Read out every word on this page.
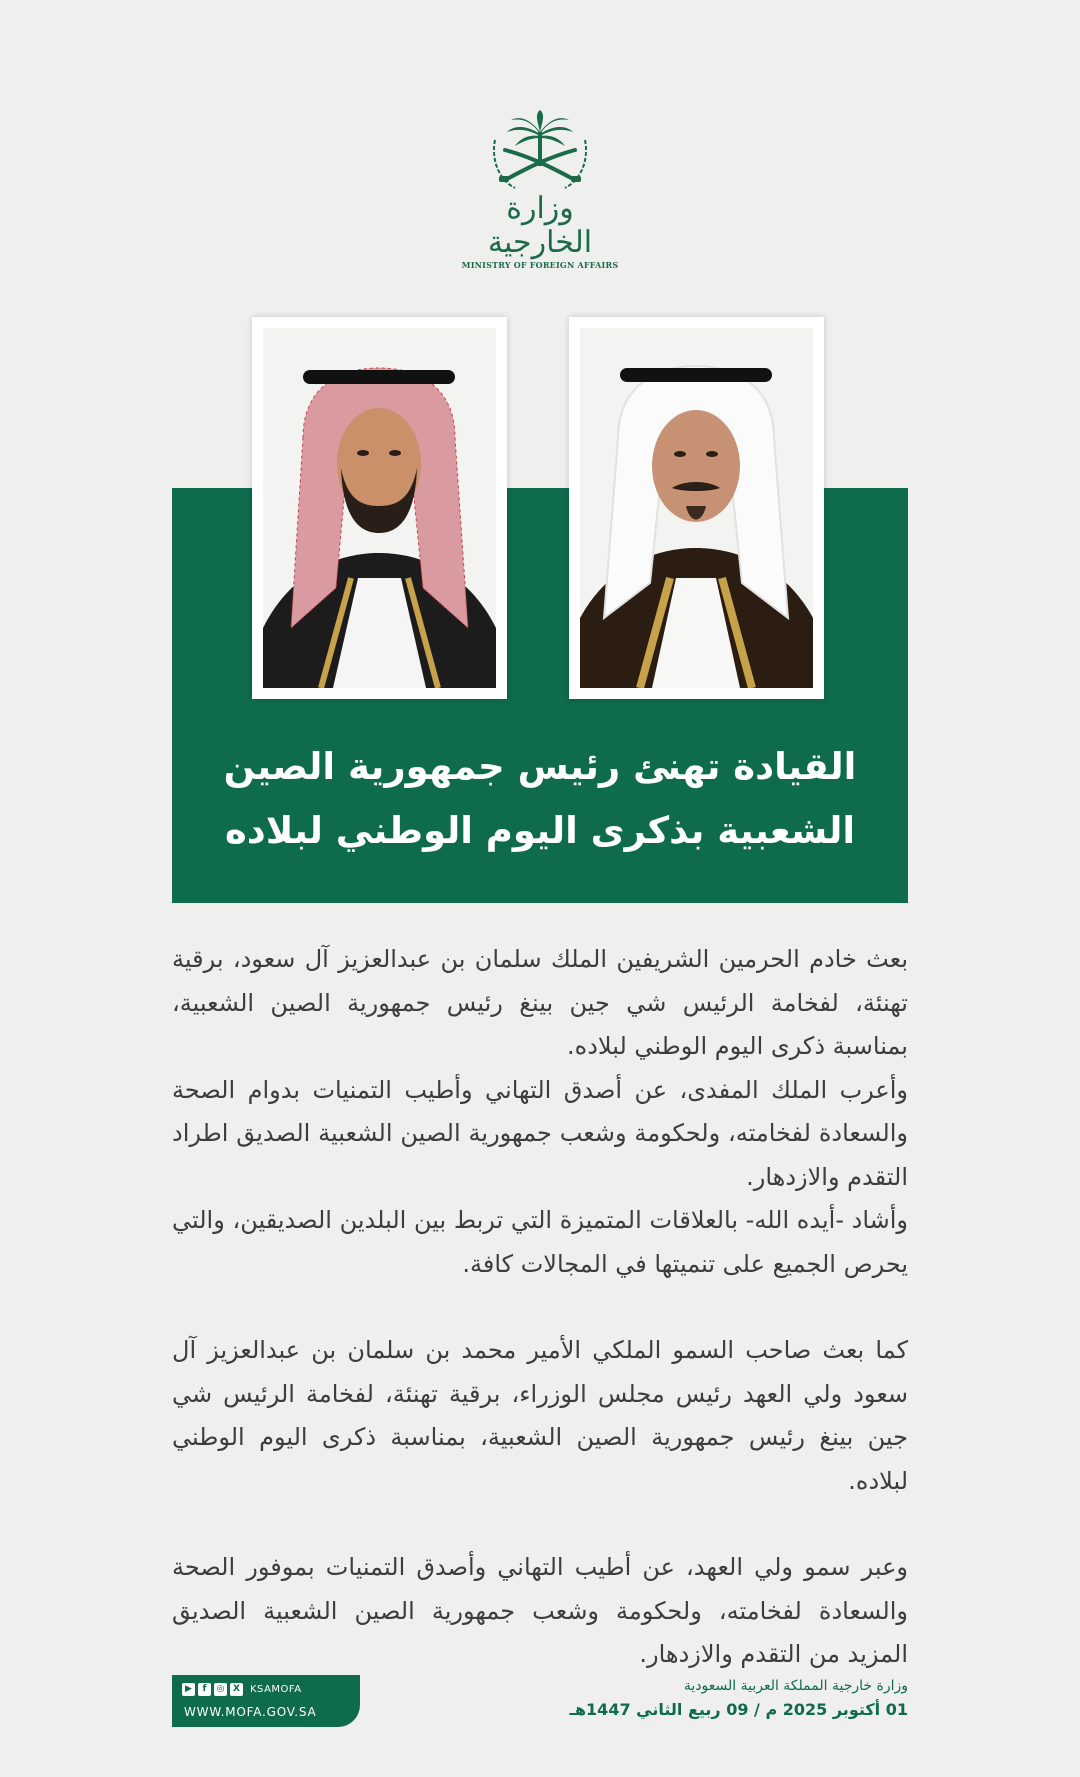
وزارة الخارجية
MINISTRY OF FOREIGN AFFAIRS
القيادة تهنئ رئيس جمهورية الصين
الشعبية بذكرى اليوم الوطني لبلاده

بعث خادم الحرمين الشريفين الملك سلمان بن عبدالعزيز آل سعود، برقية تهنئة، لفخامة الرئيس شي جين بينغ رئيس جمهورية الصين الشعبية، بمناسبة ذكرى اليوم الوطني لبلاده.

وأعرب الملك المفدى، عن أصدق التهاني وأطيب التمنيات بدوام الصحة والسعادة لفخامته، ولحكومة وشعب جمهورية الصين الشعبية الصديق اطراد التقدم والازدهار.

وأشاد -أيده الله- بالعلاقات المتميزة التي تربط بين البلدين الصديقين، والتي يحرص الجميع على تنميتها في المجالات كافة.

كما بعث صاحب السمو الملكي الأمير محمد بن سلمان بن عبدالعزيز آل سعود ولي العهد رئيس مجلس الوزراء، برقية تهنئة، لفخامة الرئيس شي جين بينغ رئيس جمهورية الصين الشعبية، بمناسبة ذكرى اليوم الوطني لبلاده.

وعبر سمو ولي العهد، عن أطيب التهاني وأصدق التمنيات بموفور الصحة والسعادة لفخامته، ولحكومة وشعب جمهورية الصين الشعبية الصديق المزيد من التقدم والازدهار.

▶	f	◎ X	KSAMOFA
WWW.MOFA.GOV.SA
وزارة خارجية المملكة العربية السعودية
01 أكتوبر 2025 م / 09 ربيع الثاني 1447هـ
